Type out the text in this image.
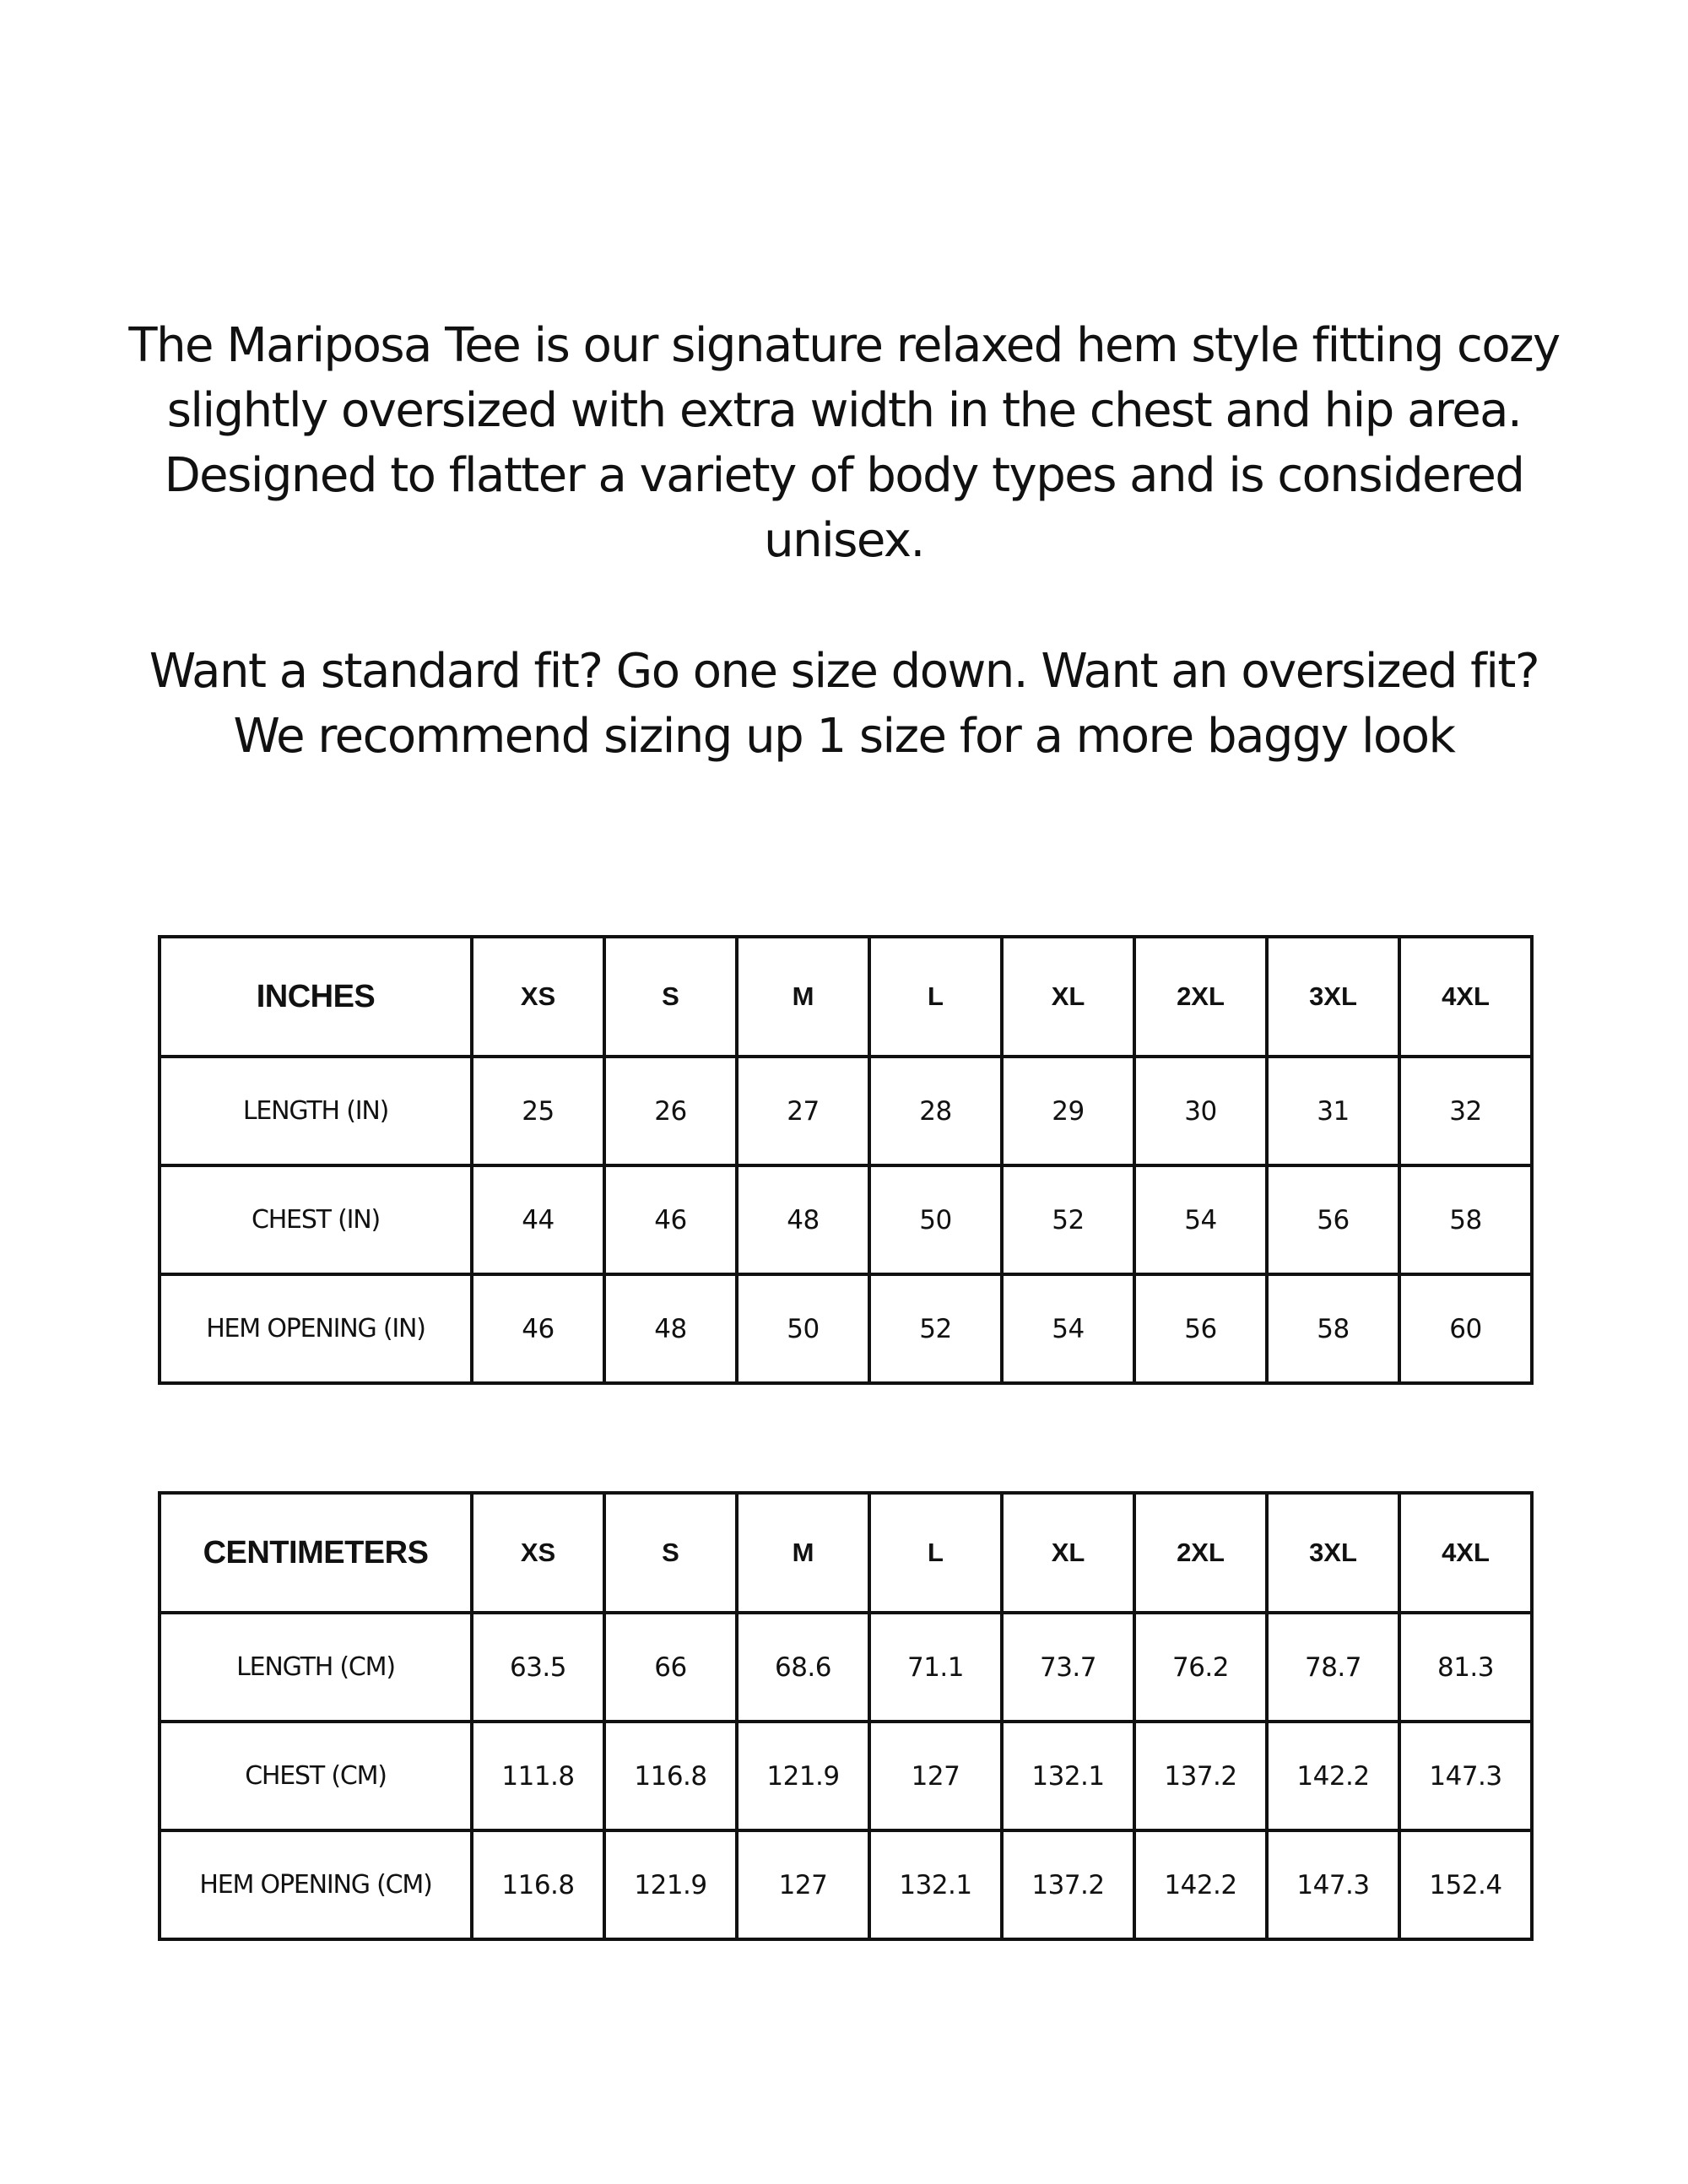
The Mariposa Tee is our signature relaxed hem style fitting cozy slightly oversized with extra width in the chest and hip area. Designed to flatter a variety of body types and is considered unisex.
Want a standard fit? Go one size down. Want an oversized fit? We recommend sizing up 1 size for a more baggy look
INCHES	XS	S	M	L	XL	2XL	3XL	4XL
LENGTH (IN)	25	26	27	28	29	30	31	32
CHEST (IN)	44	46	48	50	52	54	56	58
HEM OPENING (IN)	46	48	50	52	54	56	58	60
CENTIMETERS	XS	S	M	L	XL	2XL	3XL	4XL
LENGTH (CM)	63.5	66	68.6	71.1	73.7	76.2	78.7	81.3
CHEST (CM)	111.8	116.8	121.9	127	132.1	137.2	142.2	147.3
HEM OPENING (CM)	116.8	121.9	127	132.1	137.2	142.2	147.3	152.4
